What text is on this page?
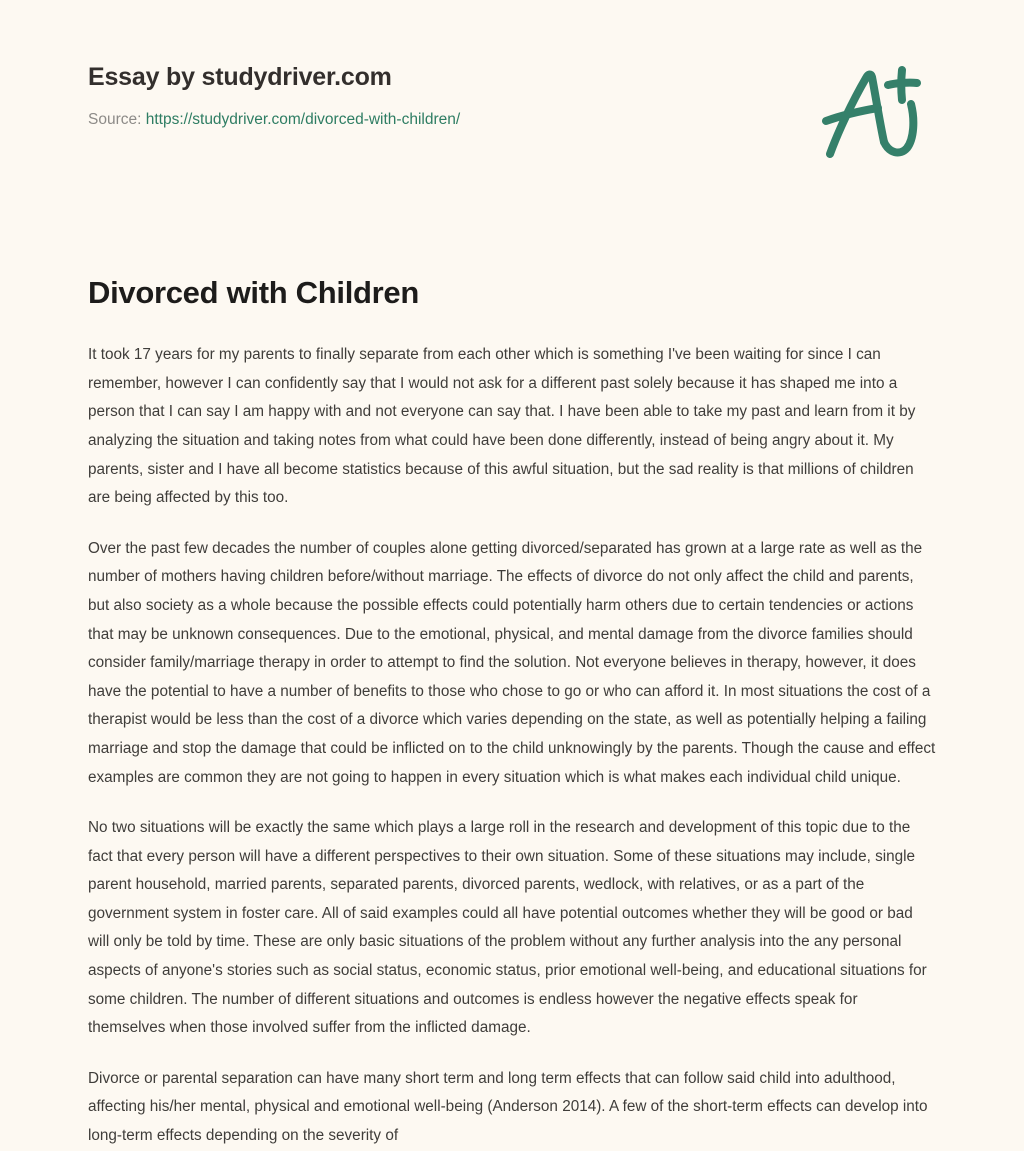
Essay by studydriver.com
Source: https://studydriver.com/divorced-with-children/
Divorced with Children

It took 17 years for my parents to finally separate from each other which is something I've been waiting for since I can remember, however I can confidently say that I would not ask for a different past solely because it has shaped me into a person that I can say I am happy with and not everyone can say that. I have been able to take my past and learn from it by analyzing the situation and taking notes from what could have been done differently, instead of being angry about it. My parents, sister and I have all become statistics because of this awful situation, but the sad reality is that millions of children are being affected by this too.

Over the past few decades the number of couples alone getting divorced/separated has grown at a large rate as well as the number of mothers having children before/without marriage. The effects of divorce do not only affect the child and parents, but also society as a whole because the possible effects could potentially harm others due to certain tendencies or actions that may be unknown consequences. Due to the emotional, physical, and mental damage from the divorce families should consider family/marriage therapy in order to attempt to find the solution. Not everyone believes in therapy, however, it does have the potential to have a number of benefits to those who chose to go or who can afford it. In most situations the cost of a therapist would be less than the cost of a divorce which varies depending on the state, as well as potentially helping a failing marriage and stop the damage that could be inflicted on to the child unknowingly by the parents. Though the cause and effect examples are common they are not going to happen in every situation which is what makes each individual child unique.

No two situations will be exactly the same which plays a large roll in the research and development of this topic due to the fact that every person will have a different perspectives to their own situation. Some of these situations may include, single parent household, married parents, separated parents, divorced parents, wedlock, with relatives, or as a part of the government system in foster care. All of said examples could all have potential outcomes whether they will be good or bad will only be told by time. These are only basic situations of the problem without any further analysis into the any personal aspects of anyone's stories such as social status, economic status, prior emotional well-being, and educational situations for some children. The number of different situations and outcomes is endless however the negative effects speak for themselves when those involved suffer from the inflicted damage.

Divorce or parental separation can have many short term and long term effects that can follow said child into adulthood, affecting his/her mental, physical and emotional well-being (Anderson 2014). A few of the short-term effects can develop into long-term effects depending on the severity of
